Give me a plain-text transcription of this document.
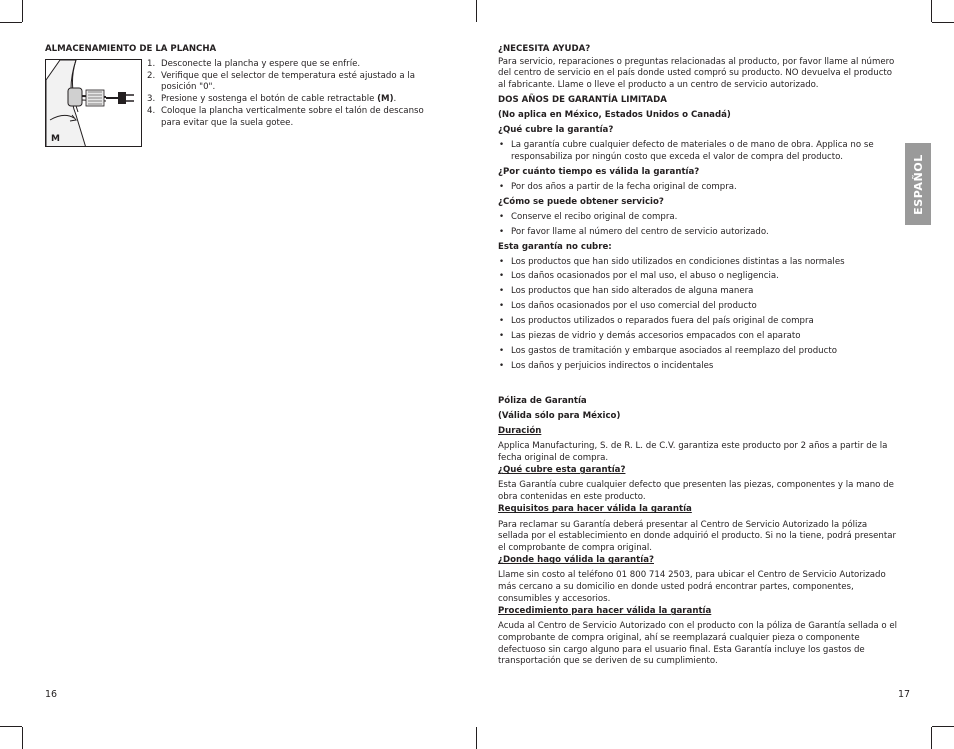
ALMACENAMIENTO DE LA PLANCHA

M
1. Desconecte la plancha y espere que se enfríe.
2. Verifique que el selector de temperatura esté ajustado a la posición "0".
3. Presione y sostenga el botón de cable retractable (M).
4. Coloque la plancha verticalmente sobre el talón de descanso para evitar que la suela gotee.
16

¿NECESITA AYUDA?

Para servicio, reparaciones o preguntas relacionadas al producto, por favor llame al número del centro de servicio en el país donde usted compró su producto. NO devuelva el producto al fabricante. Llame o lleve el producto a un centro de servicio autorizado.

DOS AÑOS DE GARANTÍA LIMITADA

(No aplica en México, Estados Unidos o Canadá)

¿Qué cubre la garantía?

• La garantía cubre cualquier defecto de materiales o de mano de obra. Applica no se responsabiliza por ningún costo que exceda el valor de compra del producto.

¿Por cuánto tiempo es válida la garantía?

• Por dos años a partir de la fecha original de compra.

¿Cómo se puede obtener servicio?

• Conserve el recibo original de compra.

• Por favor llame al número del centro de servicio autorizado.

Esta garantía no cubre:

• Los productos que han sido utilizados en condiciones distintas a las normales

• Los daños ocasionados por el mal uso, el abuso o negligencia.

• Los productos que han sido alterados de alguna manera

• Los daños ocasionados por el uso comercial del producto

• Los productos utilizados o reparados fuera del país original de compra

• Las piezas de vidrio y demás accesorios empacados con el aparato

• Los gastos de tramitación y embarque asociados al reemplazo del producto

• Los daños y perjuicios indirectos o incidentales

Póliza de Garantía

(Válida sólo para México)

Duración

Applica Manufacturing, S. de R. L. de C.V. garantiza este producto por 2 años a partir de la fecha original de compra.

¿Qué cubre esta garantía?

Esta Garantía cubre cualquier defecto que presenten las piezas, componentes y la mano de obra contenidas en este producto.

Requisitos para hacer válida la garantía

Para reclamar su Garantía deberá presentar al Centro de Servicio Autorizado la póliza sellada por el establecimiento en donde adquirió el producto. Si no la tiene, podrá presentar el comprobante de compra original.

¿Donde hago válida la garantía?

Llame sin costo al teléfono 01 800 714 2503, para ubicar el Centro de Servicio Autorizado más cercano a su domicilio en donde usted podrá encontrar partes, componentes, consumibles y accesorios.

Procedimiento para hacer válida la garantía

Acuda al Centro de Servicio Autorizado con el producto con la póliza de Garantía sellada o el comprobante de compra original, ahí se reemplazará cualquier pieza o componente defectuoso sin cargo alguno para el usuario final. Esta Garantía incluye los gastos de transportación que se deriven de su cumplimiento.

17
ESPAÑOL
